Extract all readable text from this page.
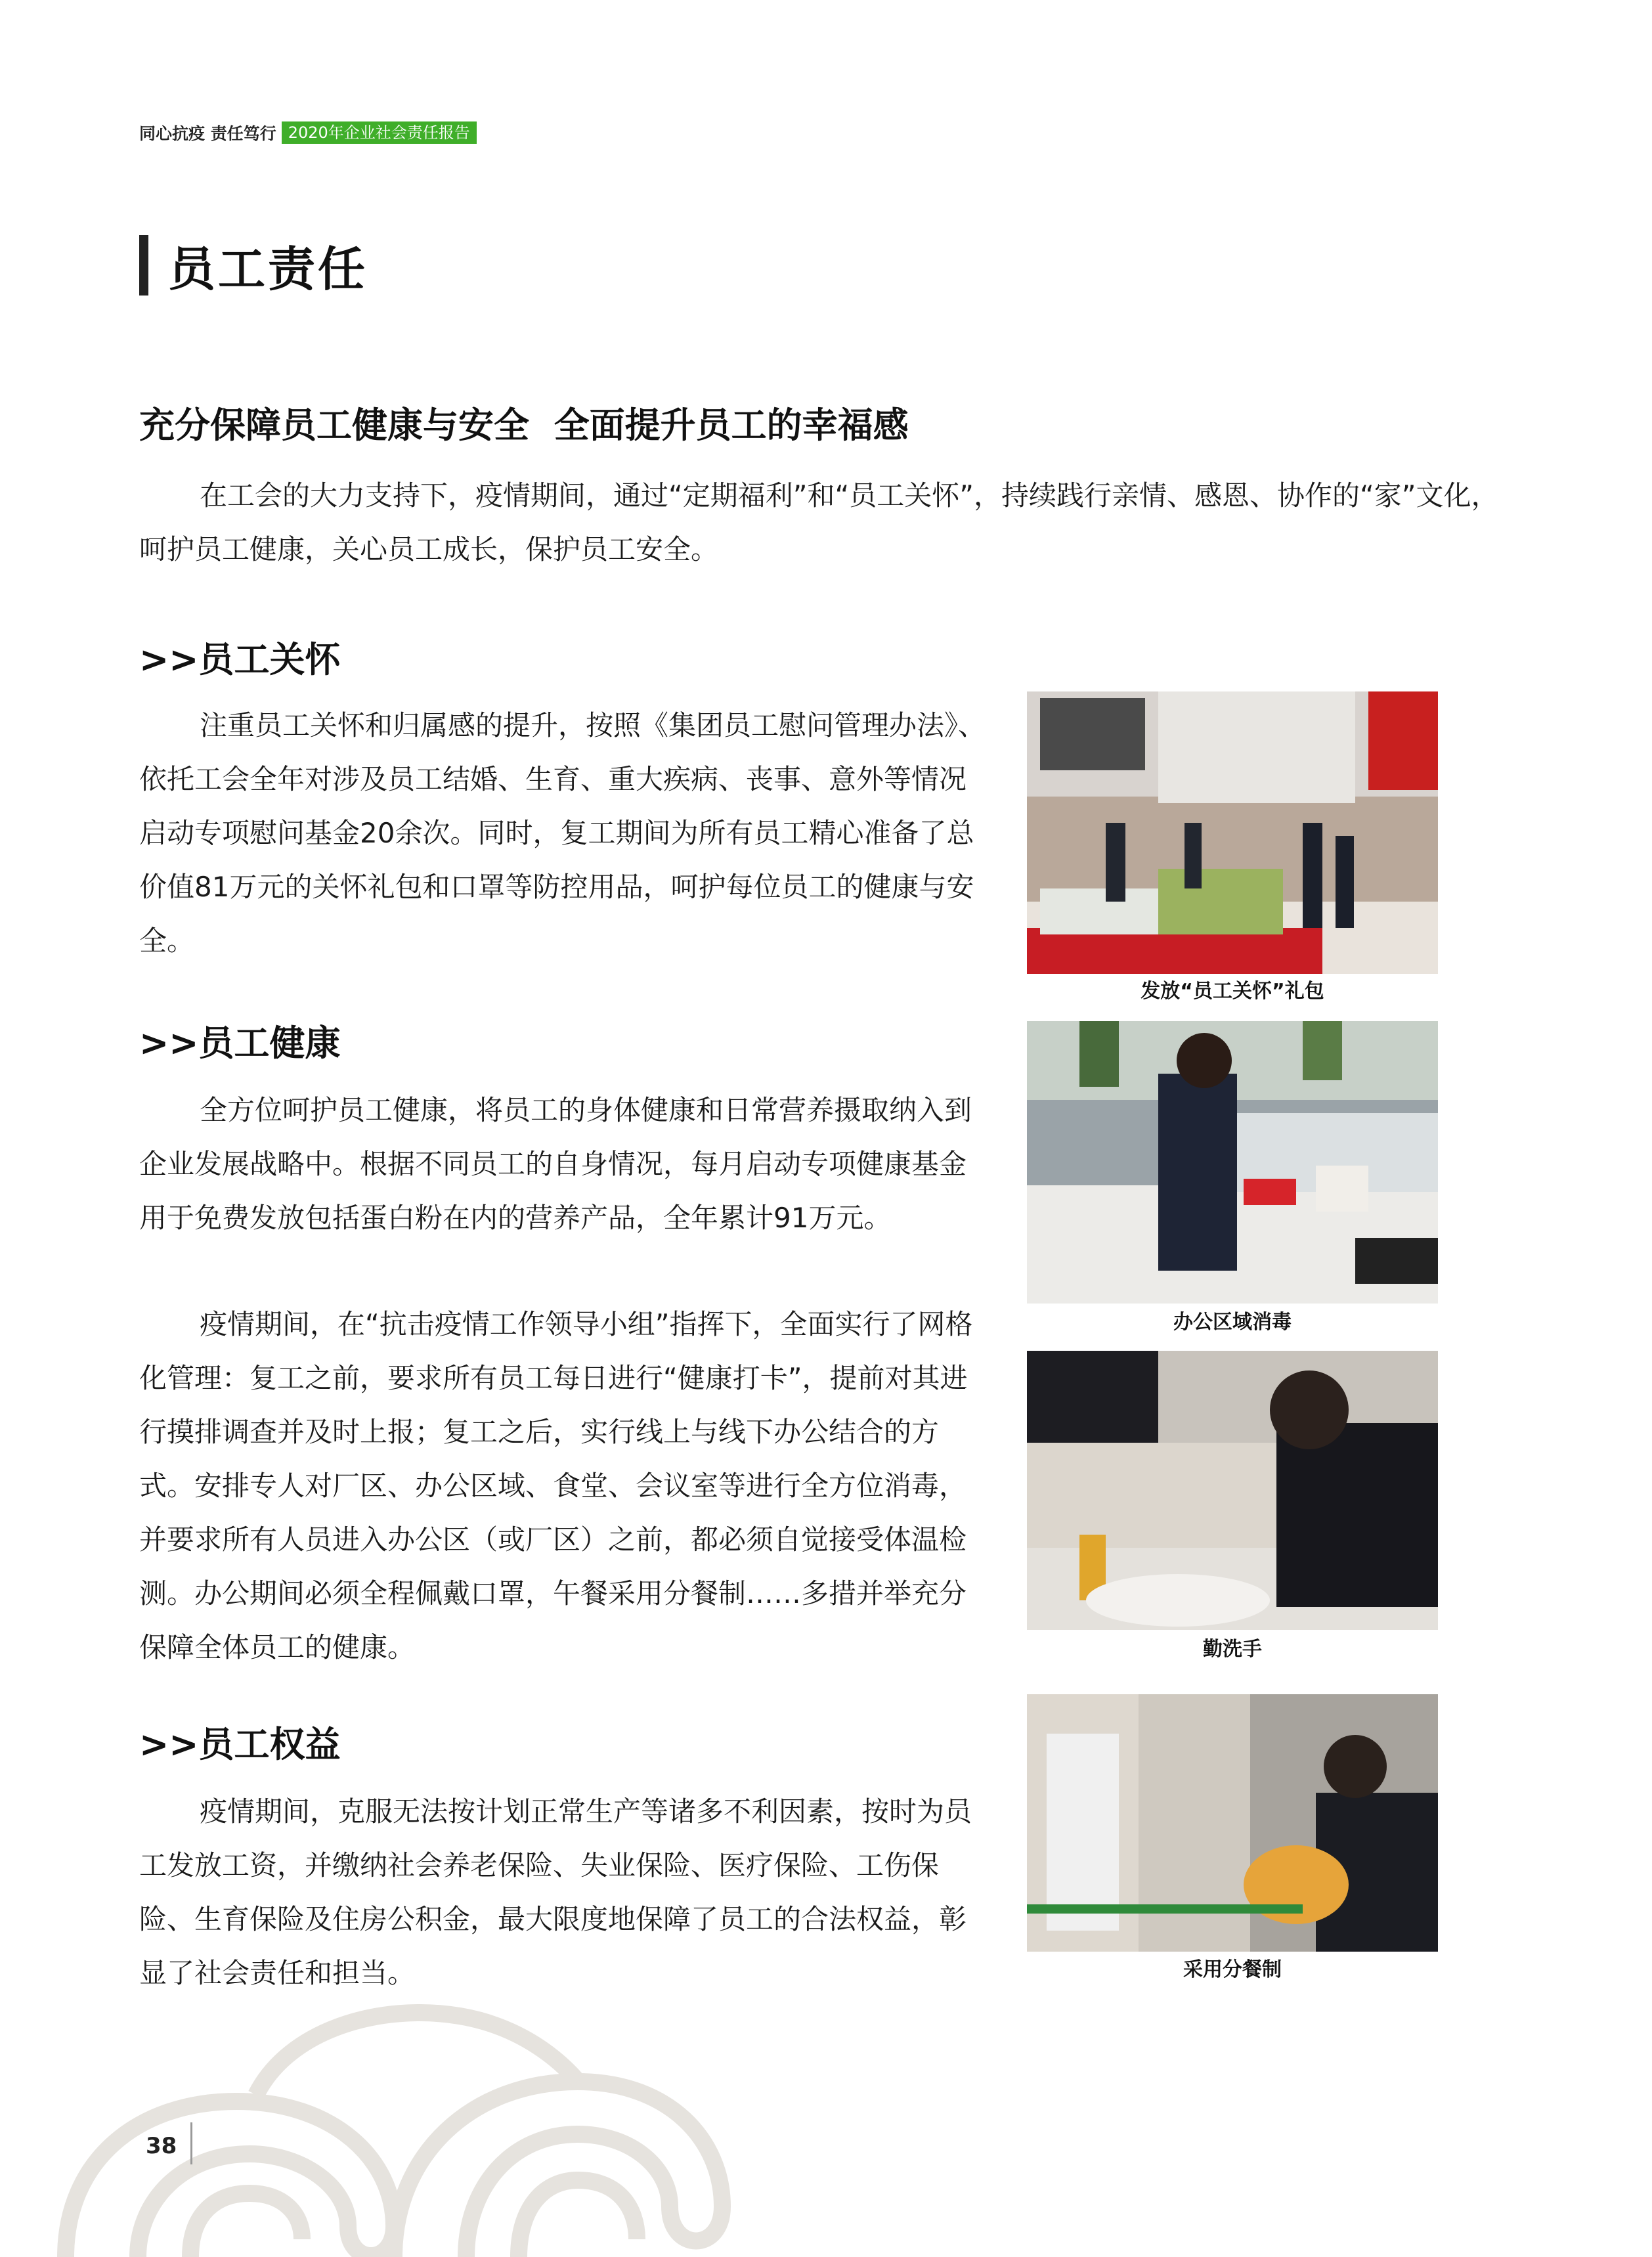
同心抗疫 责任笃行 2020年企业社会责任报告
员工责任
充分保障员工健康与安全  全面提升员工的幸福感
在工会的大力支持下，疫情期间，通过“定期福利”和“员工关怀”，持续践行亲情、感恩、协作的“家”文化，呵护员工健康，关心员工成长，保护员工安全。
>>员工关怀
注重员工关怀和归属感的提升，按照《集团员工慰问管理办法》、依托工会全年对涉及员工结婚、生育、重大疾病、丧事、意外等情况启动专项慰问基金20余次。同时，复工期间为所有员工精心准备了总价值81万元的关怀礼包和口罩等防控用品，呵护每位员工的健康与安全。
>>员工健康
全方位呵护员工健康，将员工的身体健康和日常营养摄取纳入到企业发展战略中。根据不同员工的自身情况，每月启动专项健康基金用于免费发放包括蛋白粉在内的营养产品，全年累计91万元。
疫情期间，在“抗击疫情工作领导小组”指挥下，全面实行了网格化管理：复工之前，要求所有员工每日进行“健康打卡”，提前对其进行摸排调查并及时上报；复工之后，实行线上与线下办公结合的方式。安排专人对厂区、办公区域、食堂、会议室等进行全方位消毒，并要求所有人员进入办公区（或厂区）之前，都必须自觉接受体温检测。办公期间必须全程佩戴口罩，午餐采用分餐制……多措并举充分保障全体员工的健康。
>>员工权益
疫情期间，克服无法按计划正常生产等诸多不利因素，按时为员工发放工资，并缴纳社会养老保险、失业保险、医疗保险、工伤保险、生育保险及住房公积金，最大限度地保障了员工的合法权益，彰显了社会责任和担当。
发放“员工关怀”礼包
办公区域消毒
勤洗手
采用分餐制
38
